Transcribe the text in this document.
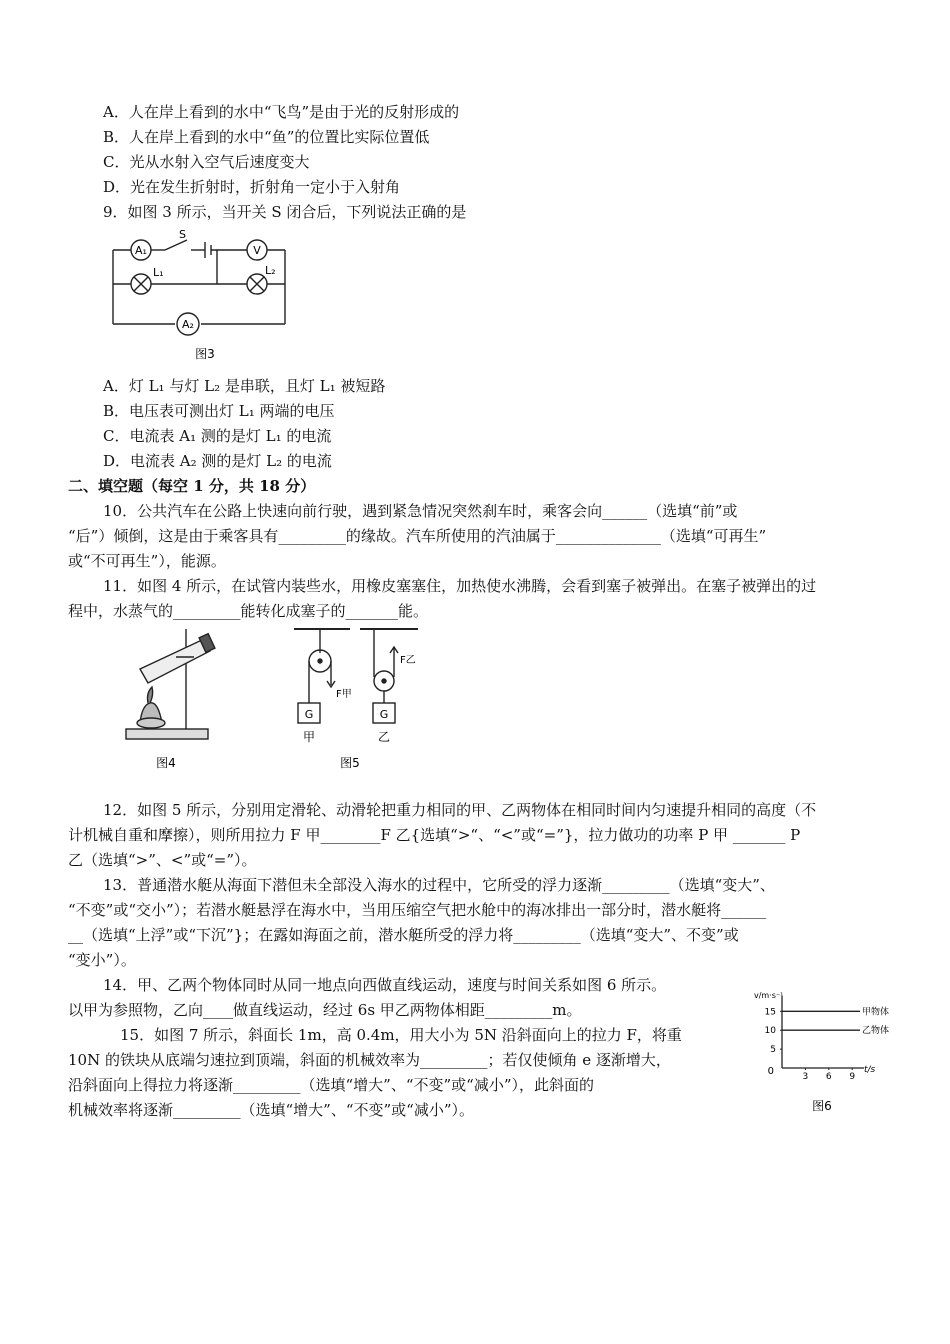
A．人在岸上看到的水中“飞鸟”是由于光的反射形成的
B．人在岸上看到的水中“鱼”的位置比实际位置低
C．光从水射入空气后速度变大
D．光在发生折射时，折射角一定小于入射角
9．如图 3 所示，当开关 S 闭合后，下列说法正确的是
A₁	V
A₂
S
L₁	L₂
图3
A．灯 L₁ 与灯 L₂ 是串联，且灯 L₁ 被短路
B．电压表可测出灯 L₁ 两端的电压
C．电流表 A₁ 测的是灯 L₁ 的电流
D．电流表 A₂ 测的是灯 L₂ 的电流
二、填空题（每空 1 分，共 18 分）
10．公共汽车在公路上快速向前行驶，遇到紧急情况突然刹车时，乘客会向______（选填“前”或
“后”）倾倒，这是由于乘客具有_________的缘故。汽车所使用的汽油属于______________（选填“可再生”
或“不可再生”），能源。
11．如图 4 所示，在试管内装些水，用橡皮塞塞住，加热使水沸腾，会看到塞子被弹出。在塞子被弹出的过
程中，水蒸气的_________能转化成塞子的_______能。
图4
G	G
F甲
F乙
甲	乙
图5
12．如图 5 所示，分别用定滑轮、动滑轮把重力相同的甲、乙两物体在相同时间内匀速提升相同的高度（不
计机械自重和摩擦），则所用拉力 F 甲________F 乙{选填“>“、“<”或“=”}，拉力做功的功率 P 甲 _______ P
乙（选填“>”、<”或“=”）。
13．普通潜水艇从海面下潜但未全部没入海水的过程中，它所受的浮力逐渐_________（选填“变大”、
“不变”或“交小”）；若潜水艇悬浮在海水中，当用压缩空气把水舱中的海冰排出一部分时，潜水艇将______
__（选填“上浮”或“下沉”}；在露如海面之前，潜水艇所受的浮力将_________（选填“变大”、不变”或
“变小”）。
14．甲、乙两个物体同时从同一地点向西做直线运动，速度与时间关系如图 6 所示。
以甲为参照物，乙向____做直线运动，经过 6s 甲乙两物体相距_________m。
15．如图 7 所示，斜面长 1m，高 0.4m，用大小为 5N 沿斜面向上的拉力 F，将重
10N 的铁块从底端匀速拉到顶端，斜面的机械效率为_________；若仅使倾角 e 逐渐增大，
沿斜面向上得拉力将逐渐_________（选填“增大”、“不变”或“减小”），此斜面的
机械效率将逐渐_________（选填“增大”、“不变”或“减小”）。
v/m·s⁻¹
t/s
0
5
10
15
3 6 9
甲物体
乙物体
图6
